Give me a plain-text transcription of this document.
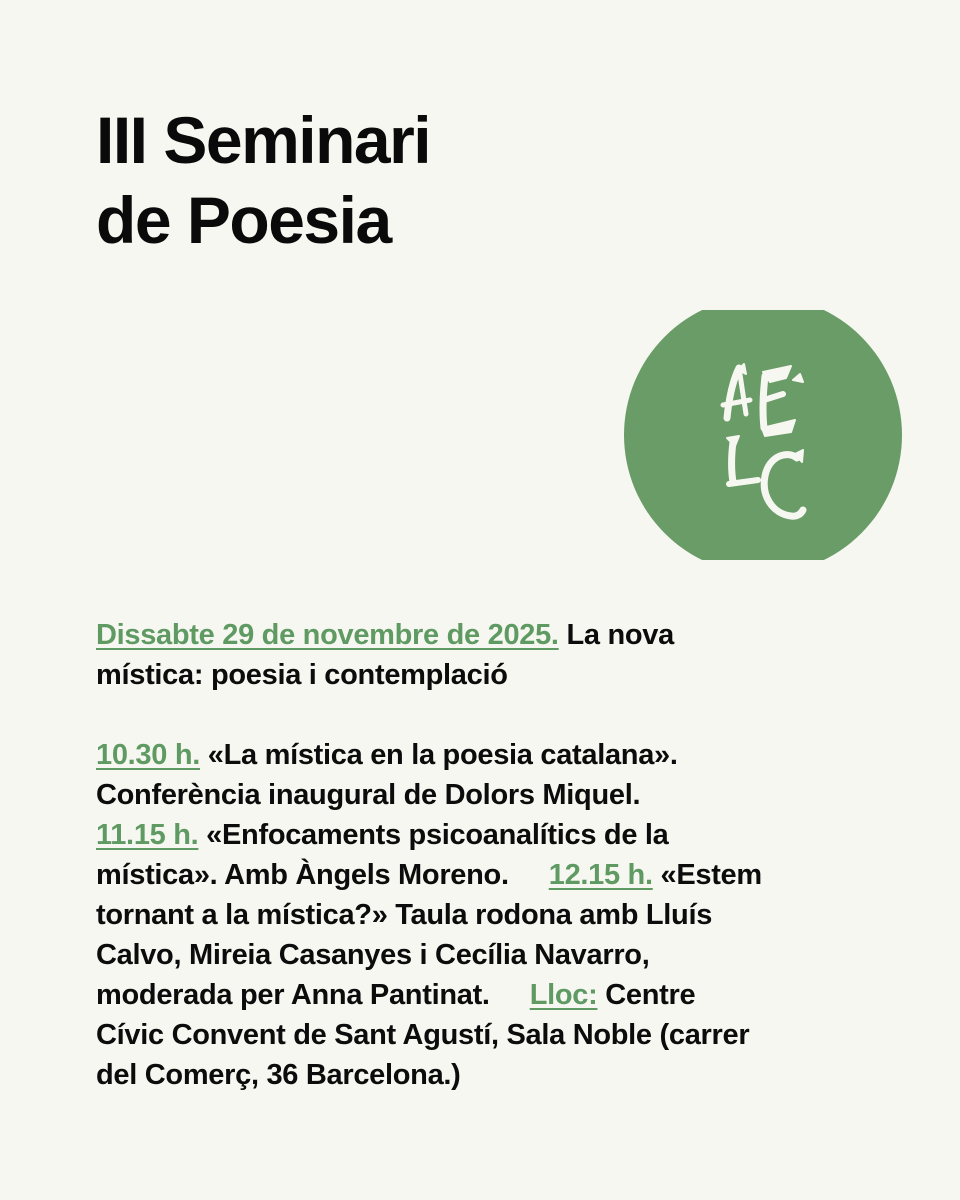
III Seminari
de Poesia

Dissabte 29 de novembre de 2025. La nova
mística: poesia i contemplació

10.30 h. «La mística en la poesia catalana».
Conferència inaugural de Dolors Miquel.
11.15 h. «Enfocaments psicoanalítics de la
mística». Amb Àngels Moreno. 12.15 h. «Estem
tornant a la mística?» Taula rodona amb Lluís
Calvo, Mireia Casanyes i Cecília Navarro,
moderada per Anna Pantinat. Lloc: Centre
Cívic Convent de Sant Agustí, Sala Noble (carrer
del Comerç, 36 Barcelona.)
